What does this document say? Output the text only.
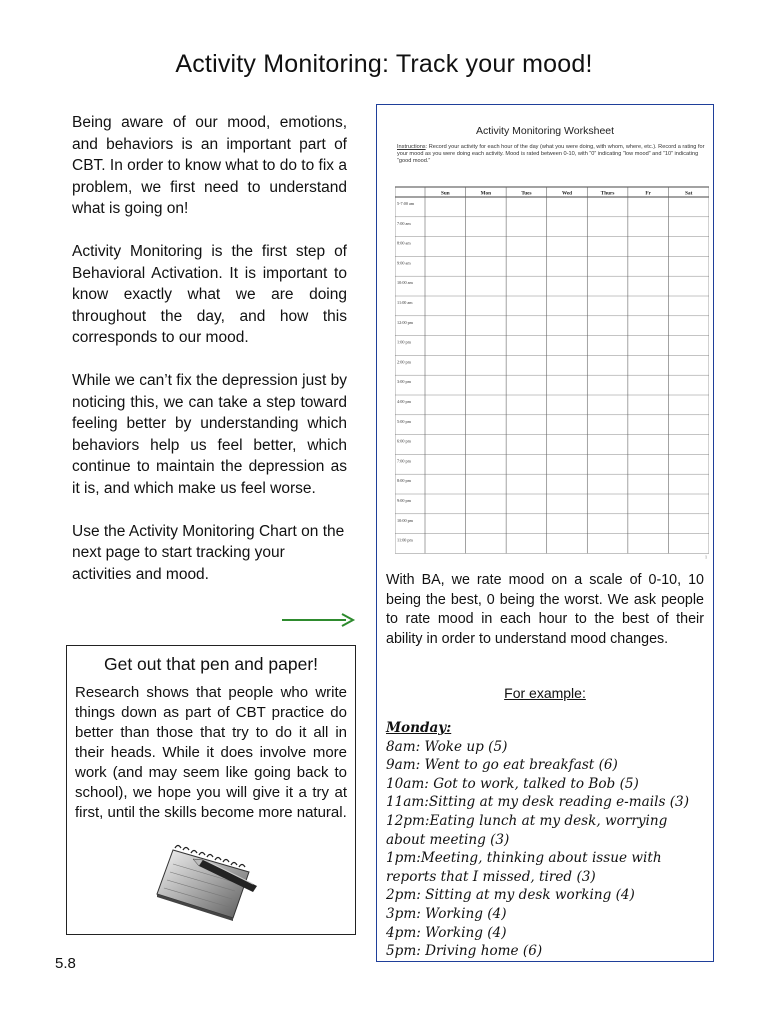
Activity Monitoring: Track your mood!

Being aware of our mood, emotions, and behaviors is an important part of CBT. In order to know what to do to fix a problem, we first need to understand what is going on!

Activity Monitoring is the first step of Behavioral Activation. It is important to know exactly what we are doing throughout the day, and how this corresponds to our mood.

While we can’t fix the depression just by noticing this, we can take a step toward feeling better by understanding which behaviors help us feel better, which continue to maintain the depression as it is, and which make us feel worse.

Use the Activity Monitoring Chart on the next page to start tracking your activities and mood.

Get out that pen and paper!

Research shows that people who write things down as part of CBT practice do better than those that try to do it all in their heads. While it does involve more work (and may seem like going back to school), we hope you will give it a try at first, until the skills become more natural.

5.8
Activity Monitoring Worksheet
Instructions: Record your activity for each hour of the day (what you were doing, with whom, where, etc.). Record a rating for your mood as you were doing each activity. Mood is rated between 0-10, with “0” indicating “low mood” and “10” indicating “good mood.”
Sun	Mon	Tues	Wed	Thurs	Fr	Sat
5-7:00 am
7:00 am
8:00 am
9:00 am
10:00 am
11:00 am
12:00 pm
1:00 pm
2:00 pm
3:00 pm
4:00 pm
5:00 pm
6:00 pm
7:00 pm
8:00 pm
9:00 pm
10:00 pm
11:00 pm
1

With BA, we rate mood on a scale of 0-10, 10 being the best, 0 being the worst. We ask people to rate mood in each hour to the best of their ability in order to understand mood changes.

For example:
Monday:
8am: Woke up (5)
9am: Went to go eat breakfast (6)
10am: Got to work, talked to Bob (5)
11am:Sitting at my desk reading e-mails (3)
12pm:Eating lunch at my desk, worrying
about meeting (3)
1pm:Meeting, thinking about issue with
reports that I missed, tired (3)
2pm: Sitting at my desk working (4)
3pm: Working (4)
4pm: Working (4)
5pm: Driving home (6)
